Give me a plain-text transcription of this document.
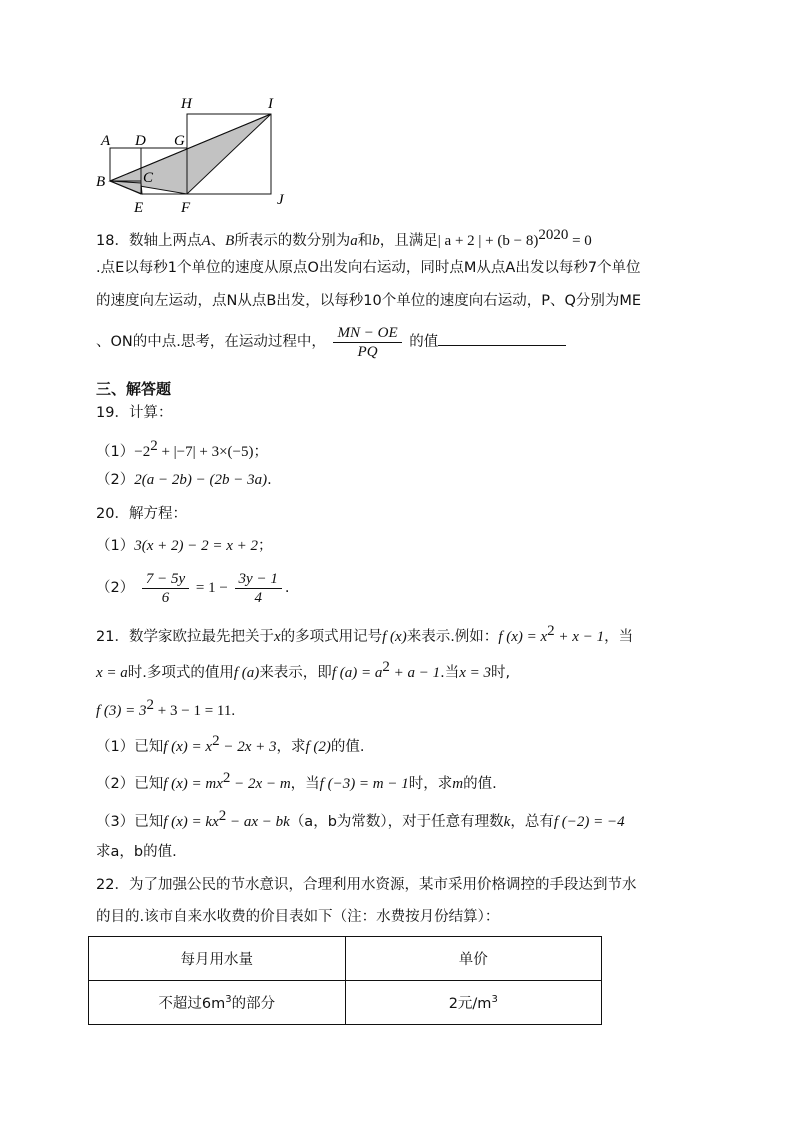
H	I
A D G
B	C
E	F	J
18．数轴上两点A、B所表示的数分别为a和b，且满足| a + 2 | + $(b - 8)^{2020} = 0$
.点E以每秒1个单位的速度从原点O出发向右运动，同时点M从点A出发以每秒7个单位
的速度向左运动，点N从点B出发，以每秒10个单位的速度向右运动，P、Q分别为ME
、ON的中点.思考，在运动过程中， $\frac{MN - OE}{PQ}$ 的值
三、解答题
19．计算：
$(1)-2^2 + |-7| + 3\times(-5)$；
（2）2(a − 2b) − (2b − 3a).
20．解方程：
（1）3(x + 2) − 2 = x + 2；
$(2) \frac{7 - 5y}{6} = 1 - \frac{3y - 1}{4}$ .
21．数学家欧拉最先把关于x的多项式用记号f (x)来表示.例如：f $(x) = x^2 + x - 1$，当
x = a时.多项式的值用f (a)来表示，即f $(a) = a^2 + a - 1$.当x = 3时,
f $(3) = 3^2 + 3 - 1 = 11$.
（1）已知f $(x) = x^2 - 2x + 3$，求f (2)的值.
（2）已知f $(x) = mx^2 - 2x - m$，当f (−3) = m − 1时，求m的值.
（3）已知f $(x) = kx^2$ − ax − bk（a，b为常数），对于任意有理数k，总有f (−2) = −4
求a，b的值.
22．为了加强公民的节水意识，合理利用水资源，某市采用价格调控的手段达到节水
的目的.该市自来水收费的价目表如下（注：水费按月份结算）：
每月用水量	单价
不超过$6m^3$的部分	2元$/m^3$
